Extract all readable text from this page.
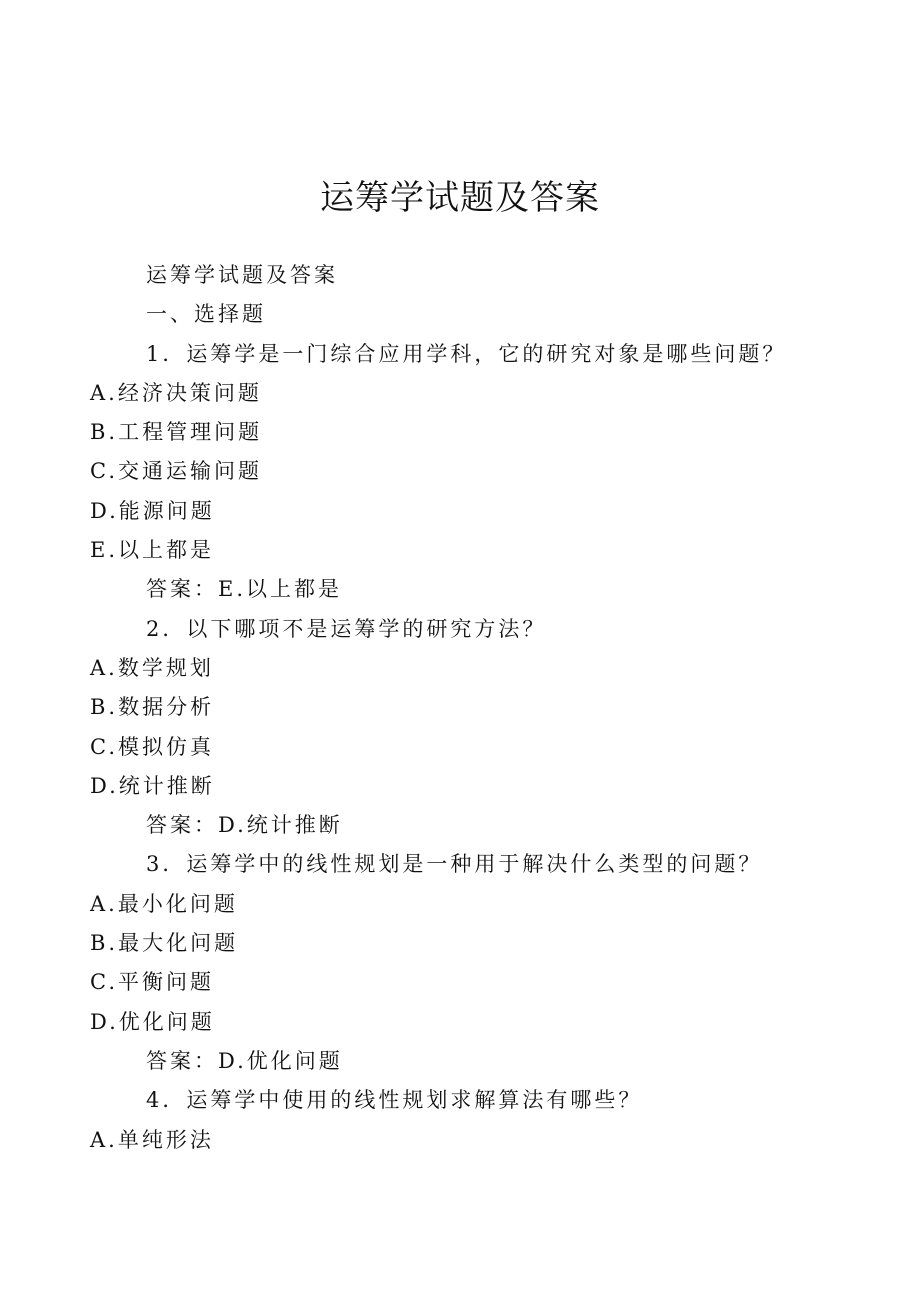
运筹学试题及答案
运筹学试题及答案
一、选择题
1．运筹学是一门综合应用学科，它的研究对象是哪些问题？
A.经济决策问题
B.工程管理问题
C.交通运输问题
D.能源问题
E.以上都是
答案：E.以上都是
2．以下哪项不是运筹学的研究方法？
A.数学规划
B.数据分析
C.模拟仿真
D.统计推断
答案：D.统计推断
3．运筹学中的线性规划是一种用于解决什么类型的问题？
A.最小化问题
B.最大化问题
C.平衡问题
D.优化问题
答案：D.优化问题
4．运筹学中使用的线性规划求解算法有哪些？
A.单纯形法
